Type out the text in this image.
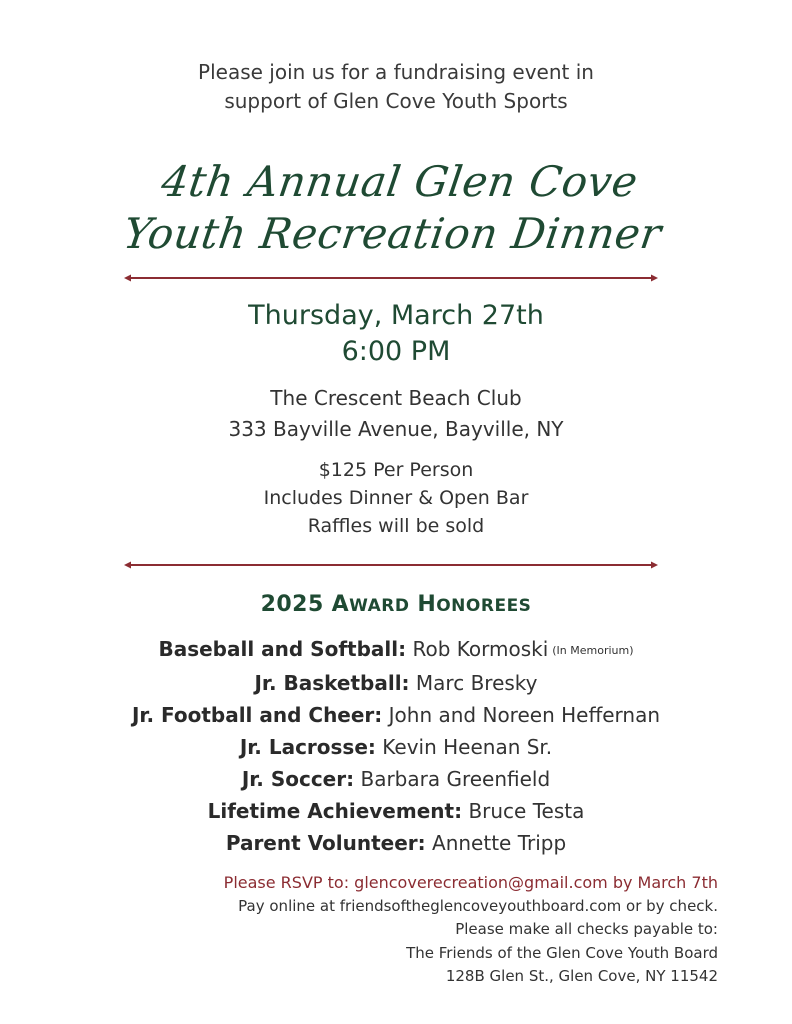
Please join us for a fundraising event in
support of Glen Cove Youth Sports
4th Annual Glen Cove
Youth Recreation Dinner
Thursday, March 27th
6:00 PM
The Crescent Beach Club
333 Bayville Avenue, Bayville, NY
$125 Per Person
Includes Dinner & Open Bar
Raffles will be sold
2025 AWARD HONOREES
Baseball and Softball: Rob Kormoski (In Memorium)
Jr. Basketball: Marc Bresky
Jr. Football and Cheer: John and Noreen Heffernan
Jr. Lacrosse: Kevin Heenan Sr.
Jr. Soccer: Barbara Greenfield
Lifetime Achievement: Bruce Testa
Parent Volunteer: Annette Tripp
Please RSVP to: glencoverecreation@gmail.com by March 7th
Pay online at friendsoftheglencoveyouthboard.com or by check.
Please make all checks payable to:
The Friends of the Glen Cove Youth Board
128B Glen St., Glen Cove, NY 11542
